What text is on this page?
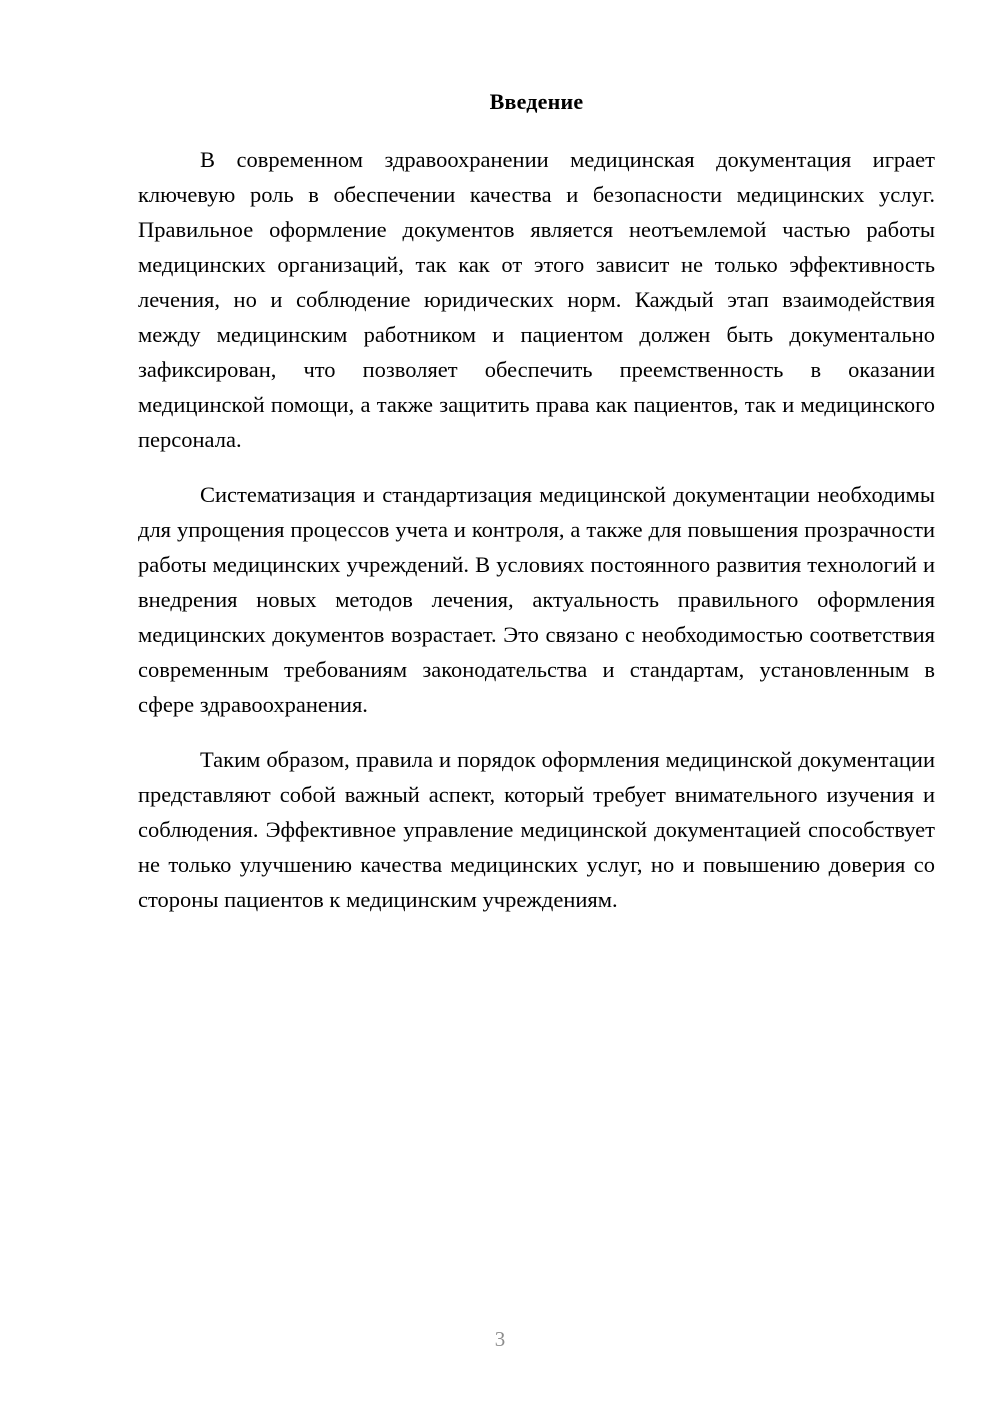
Введение

В современном здравоохранении медицинская документация играет ключевую роль в обеспечении качества и безопасности медицинских услуг. Правильное оформление документов является неотъемлемой частью работы медицинских организаций, так как от этого зависит не только эффективность лечения, но и соблюдение юридических норм. Каждый этап взаимодействия между медицинским работником и пациентом должен быть документально зафиксирован, что позволяет обеспечить преемственность в оказании медицинской помощи, а также защитить права как пациентов, так и медицинского персонала.

Систематизация и стандартизация медицинской документации необходимы для упрощения процессов учета и контроля, а также для повышения прозрачности работы медицинских учреждений. В условиях постоянного развития технологий и внедрения новых методов лечения, актуальность правильного оформления медицинских документов возрастает. Это связано с необходимостью соответствия современным требованиям законодательства и стандартам, установленным в сфере здравоохранения.

Таким образом, правила и порядок оформления медицинской документации представляют собой важный аспект, который требует внимательного изучения и соблюдения. Эффективное управление медицинской документацией способствует не только улучшению качества медицинских услуг, но и повышению доверия со стороны пациентов к медицинским учреждениям.

3
